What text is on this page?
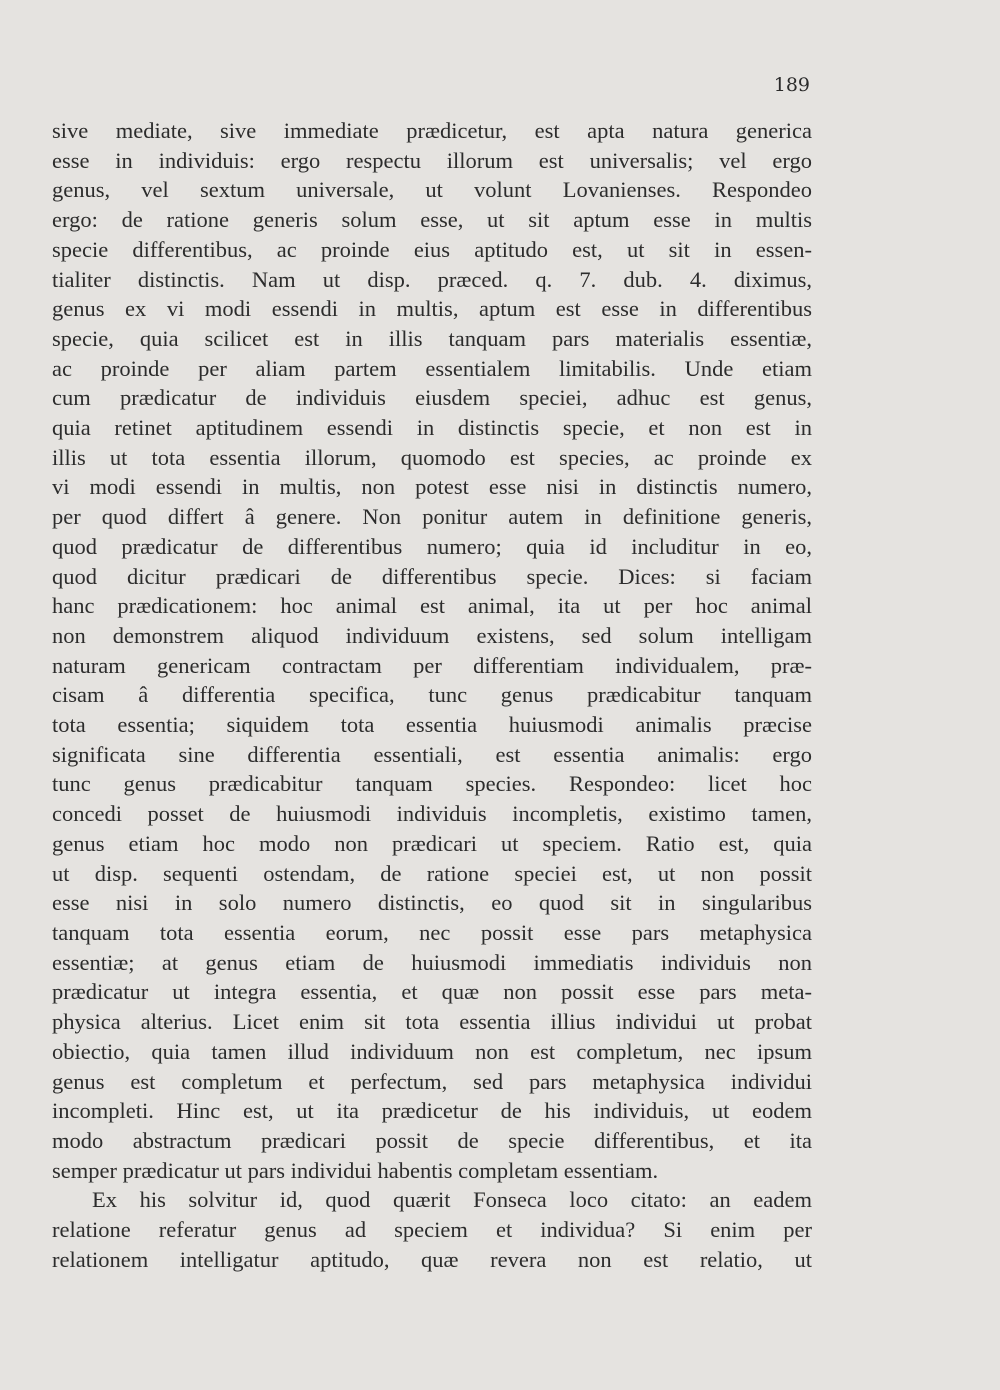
189
sive mediate, sive immediate prædicetur, est apta natura generica
esse in individuis: ergo respectu illorum est universalis; vel ergo
genus, vel sextum universale, ut volunt Lovanienses. Respondeo
ergo: de ratione generis solum esse, ut sit aptum esse in multis
specie differentibus, ac proinde eius aptitudo est, ut sit in essen-
tialiter distinctis. Nam ut disp. præced. q. 7. dub. 4. diximus,
genus ex vi modi essendi in multis, aptum est esse in differentibus
specie, quia scilicet est in illis tanquam pars materialis essentiæ,
ac proinde per aliam partem essentialem limitabilis. Unde etiam
cum prædicatur de individuis eiusdem speciei, adhuc est genus,
quia retinet aptitudinem essendi in distinctis specie, et non est in
illis ut tota essentia illorum, quomodo est species, ac proinde ex
vi modi essendi in multis, non potest esse nisi in distinctis numero,
per quod differt â genere. Non ponitur autem in definitione generis,
quod prædicatur de differentibus numero; quia id includitur in eo,
quod dicitur prædicari de differentibus specie. Dices: si faciam
hanc prædicationem: hoc animal est animal, ita ut per hoc animal
non demonstrem aliquod individuum existens, sed solum intelligam
naturam genericam contractam per differentiam individualem, præ-
cisam â differentia specifica, tunc genus prædicabitur tanquam
tota essentia; siquidem tota essentia huiusmodi animalis præcise
significata sine differentia essentiali, est essentia animalis: ergo
tunc genus prædicabitur tanquam species. Respondeo: licet hoc
concedi posset de huiusmodi individuis incompletis, existimo tamen,
genus etiam hoc modo non prædicari ut speciem. Ratio est, quia
ut disp. sequenti ostendam, de ratione speciei est, ut non possit
esse nisi in solo numero distinctis, eo quod sit in singularibus
tanquam tota essentia eorum, nec possit esse pars metaphysica
essentiæ; at genus etiam de huiusmodi immediatis individuis non
prædicatur ut integra essentia, et quæ non possit esse pars meta-
physica alterius. Licet enim sit tota essentia illius individui ut probat
obiectio, quia tamen illud individuum non est completum, nec ipsum
genus est completum et perfectum, sed pars metaphysica individui
incompleti. Hinc est, ut ita prædicetur de his individuis, ut eodem
modo abstractum prædicari possit de specie differentibus, et ita
semper prædicatur ut pars individui habentis completam essentiam.
Ex his solvitur id, quod quærit Fonseca loco citato: an eadem
relatione referatur genus ad speciem et individua? Si enim per
relationem intelligatur aptitudo, quæ revera non est relatio, ut
